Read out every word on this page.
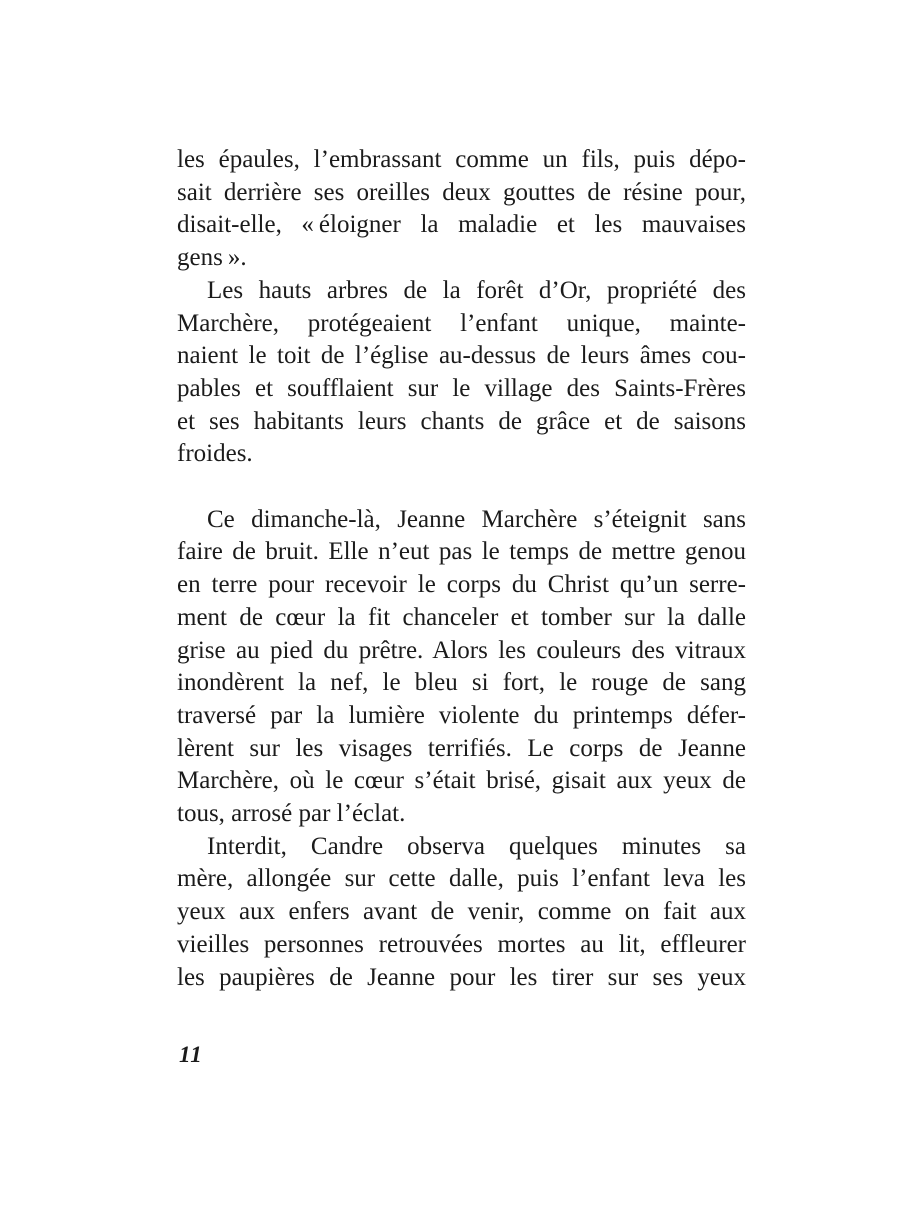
les épaules, l’embrassant comme un fils, puis dépo-
sait derrière ses oreilles deux gouttes de résine pour,
disait-elle, « éloigner la maladie et les mauvaises
gens ».
Les hauts arbres de la forêt d’Or, propriété des
Marchère, protégeaient l’enfant unique, mainte-
naient le toit de l’église au-dessus de leurs âmes cou-
pables et soufflaient sur le village des Saints-Frères
et ses habitants leurs chants de grâce et de saisons
froides.
Ce dimanche-là, Jeanne Marchère s’éteignit sans
faire de bruit. Elle n’eut pas le temps de mettre genou
en terre pour recevoir le corps du Christ qu’un serre-
ment de cœur la fit chanceler et tomber sur la dalle
grise au pied du prêtre. Alors les couleurs des vitraux
inondèrent la nef, le bleu si fort, le rouge de sang
traversé par la lumière violente du printemps défer-
lèrent sur les visages terrifiés. Le corps de Jeanne
Marchère, où le cœur s’était brisé, gisait aux yeux de
tous, arrosé par l’éclat.
Interdit, Candre observa quelques minutes sa
mère, allongée sur cette dalle, puis l’enfant leva les
yeux aux enfers avant de venir, comme on fait aux
vieilles personnes retrouvées mortes au lit, effleurer
les paupières de Jeanne pour les tirer sur ses yeux
11
